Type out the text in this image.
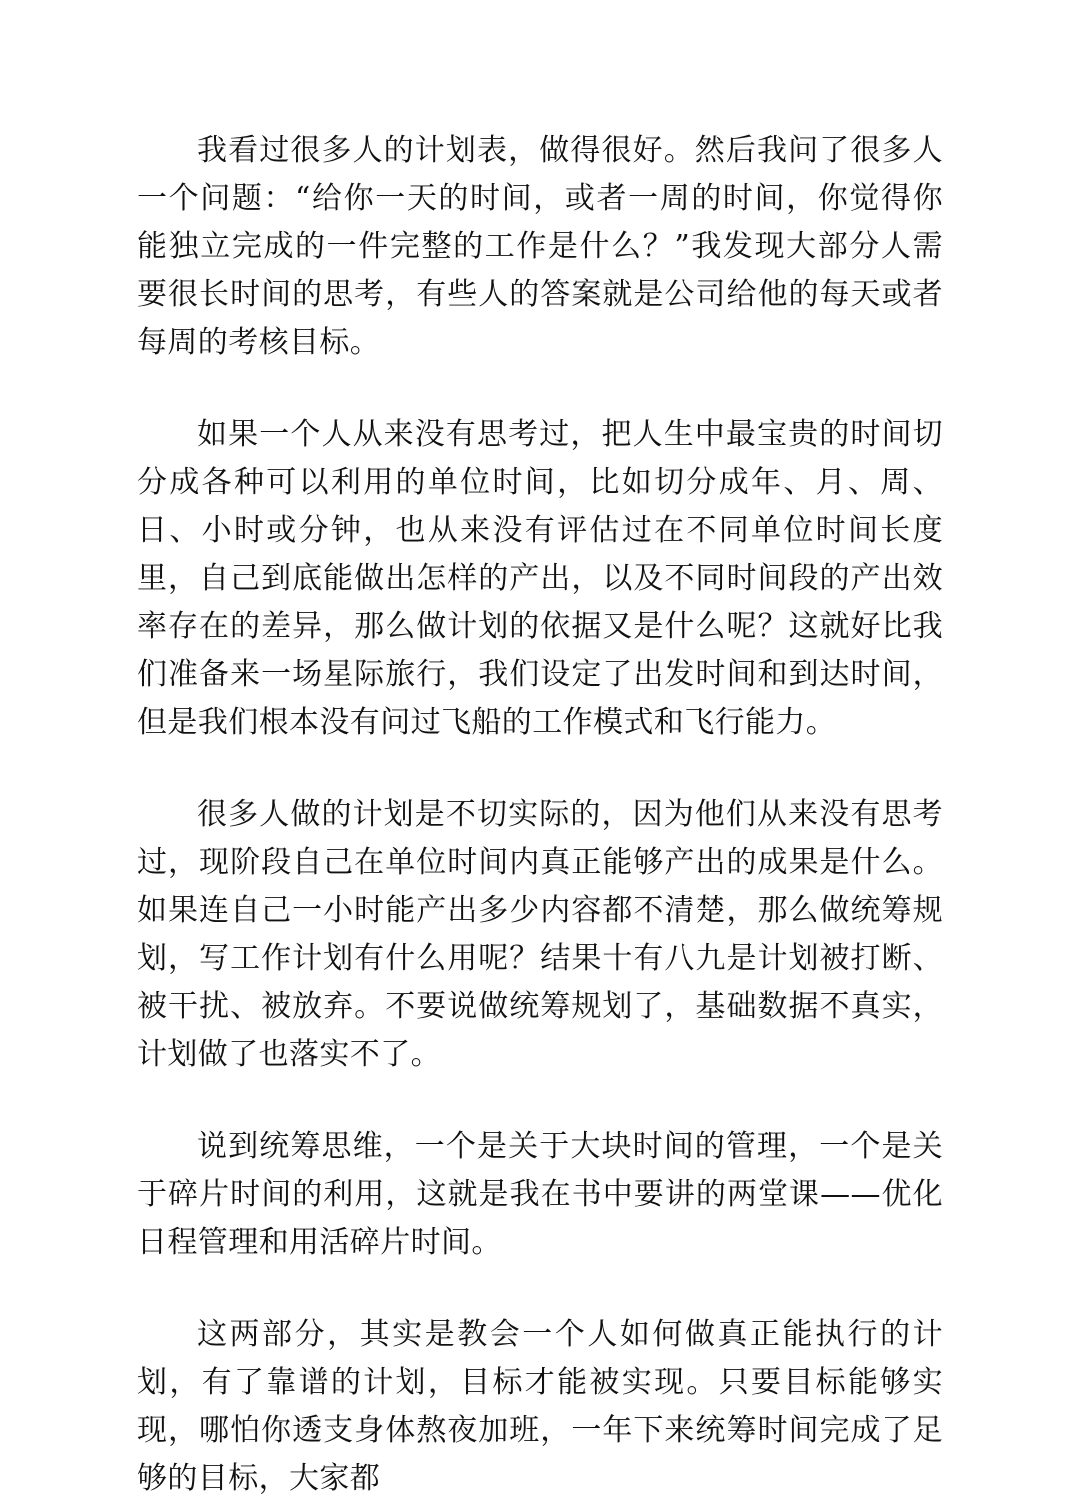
我看过很多人的计划表，做得很好。然后我问了很多人一个问题：“给你一天的时间，或者一周的时间，你觉得你能独立完成的一件完整的工作是什么？”我发现大部分人需要很长时间的思考，有些人的答案就是公司给他的每天或者每周的考核目标。

如果一个人从来没有思考过，把人生中最宝贵的时间切分成各种可以利用的单位时间，比如切分成年、月、周、日、小时或分钟，也从来没有评估过在不同单位时间长度里，自己到底能做出怎样的产出，以及不同时间段的产出效率存在的差异，那么做计划的依据又是什么呢？这就好比我们准备来一场星际旅行，我们设定了出发时间和到达时间，但是我们根本没有问过飞船的工作模式和飞行能力。

很多人做的计划是不切实际的，因为他们从来没有思考过，现阶段自己在单位时间内真正能够产出的成果是什么。如果连自己一小时能产出多少内容都不清楚，那么做统筹规划，写工作计划有什么用呢？结果十有八九是计划被打断、被干扰、被放弃。不要说做统筹规划了，基础数据不真实，计划做了也落实不了。

说到统筹思维，一个是关于大块时间的管理，一个是关于碎片时间的利用，这就是我在书中要讲的两堂课——优化日程管理和用活碎片时间。

这两部分，其实是教会一个人如何做真正能执行的计划，有了靠谱的计划，目标才能被实现。只要目标能够实现，哪怕你透支身体熬夜加班，一年下来统筹时间完成了足够的目标，大家都
